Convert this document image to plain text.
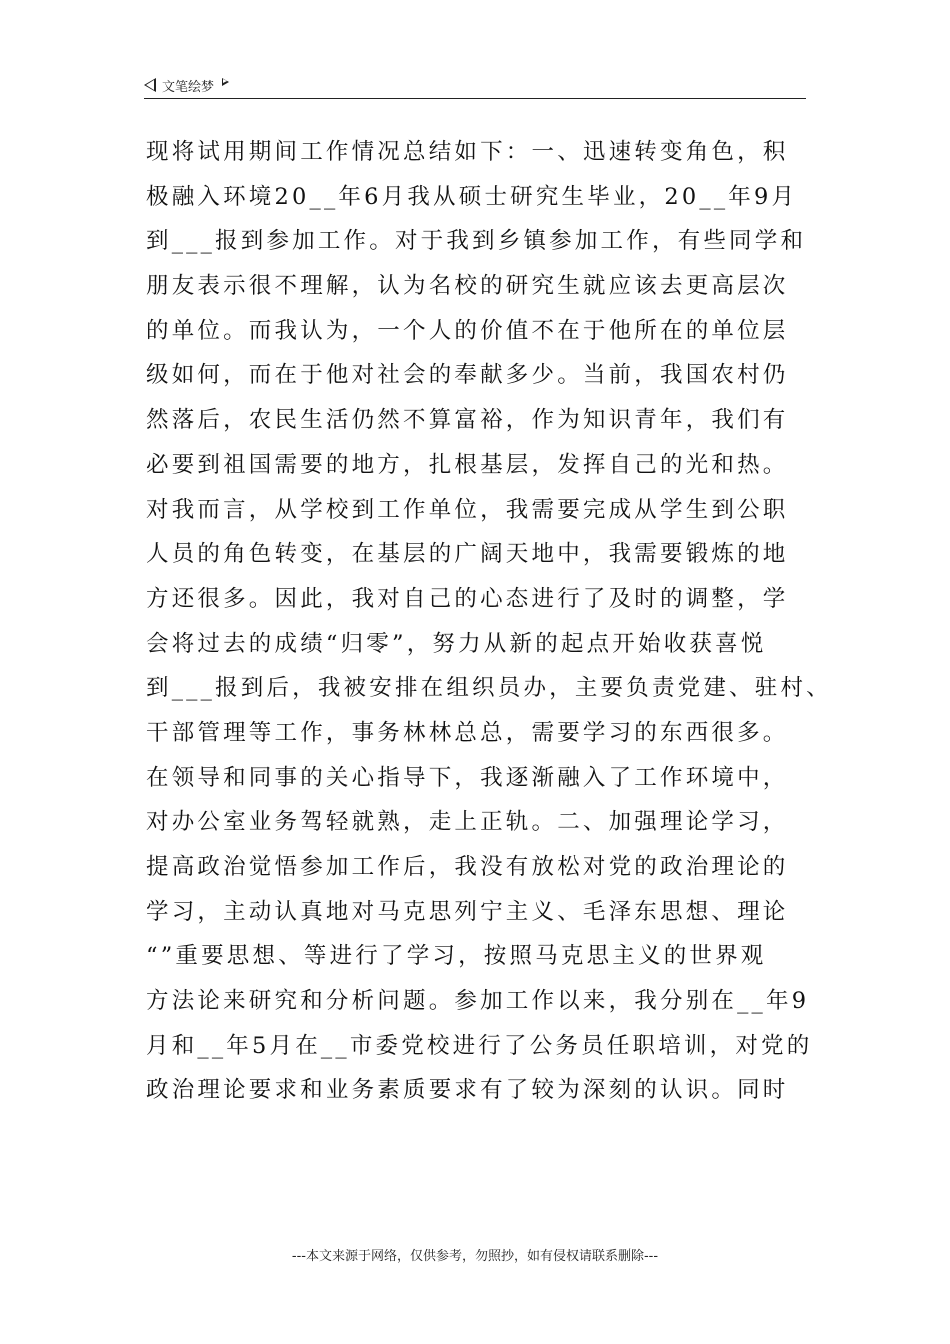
文笔绘梦
现将试用期间工作情况总结如下：一、迅速转变角色，积
极融入环境20__年6月我从硕士研究生毕业，20__年9月
到___报到参加工作。对于我到乡镇参加工作，有些同学和
朋友表示很不理解，认为名校的研究生就应该去更高层次
的单位。而我认为，一个人的价值不在于他所在的单位层
级如何，而在于他对社会的奉献多少。当前，我国农村仍
然落后，农民生活仍然不算富裕，作为知识青年，我们有
必要到祖国需要的地方，扎根基层，发挥自己的光和热。
对我而言，从学校到工作单位，我需要完成从学生到公职
人员的角色转变，在基层的广阔天地中，我需要锻炼的地
方还很多。因此，我对自己的心态进行了及时的调整，学
会将过去的成绩“归零”，努力从新的起点开始收获喜悦
到___报到后，我被安排在组织员办，主要负责党建、驻村、
干部管理等工作，事务林林总总，需要学习的东西很多。
在领导和同事的关心指导下，我逐渐融入了工作环境中，
对办公室业务驾轻就熟，走上正轨。二、加强理论学习，
提高政治觉悟参加工作后，我没有放松对党的政治理论的
学习，主动认真地对马克思列宁主义、毛泽东思想、理论
“”重要思想、等进行了学习，按照马克思主义的世界观
方法论来研究和分析问题。参加工作以来，我分别在__年9
月和__年5月在__市委党校进行了公务员任职培训，对党的
政治理论要求和业务素质要求有了较为深刻的认识。同时
---本文来源于网络，仅供参考，勿照抄，如有侵权请联系删除---
